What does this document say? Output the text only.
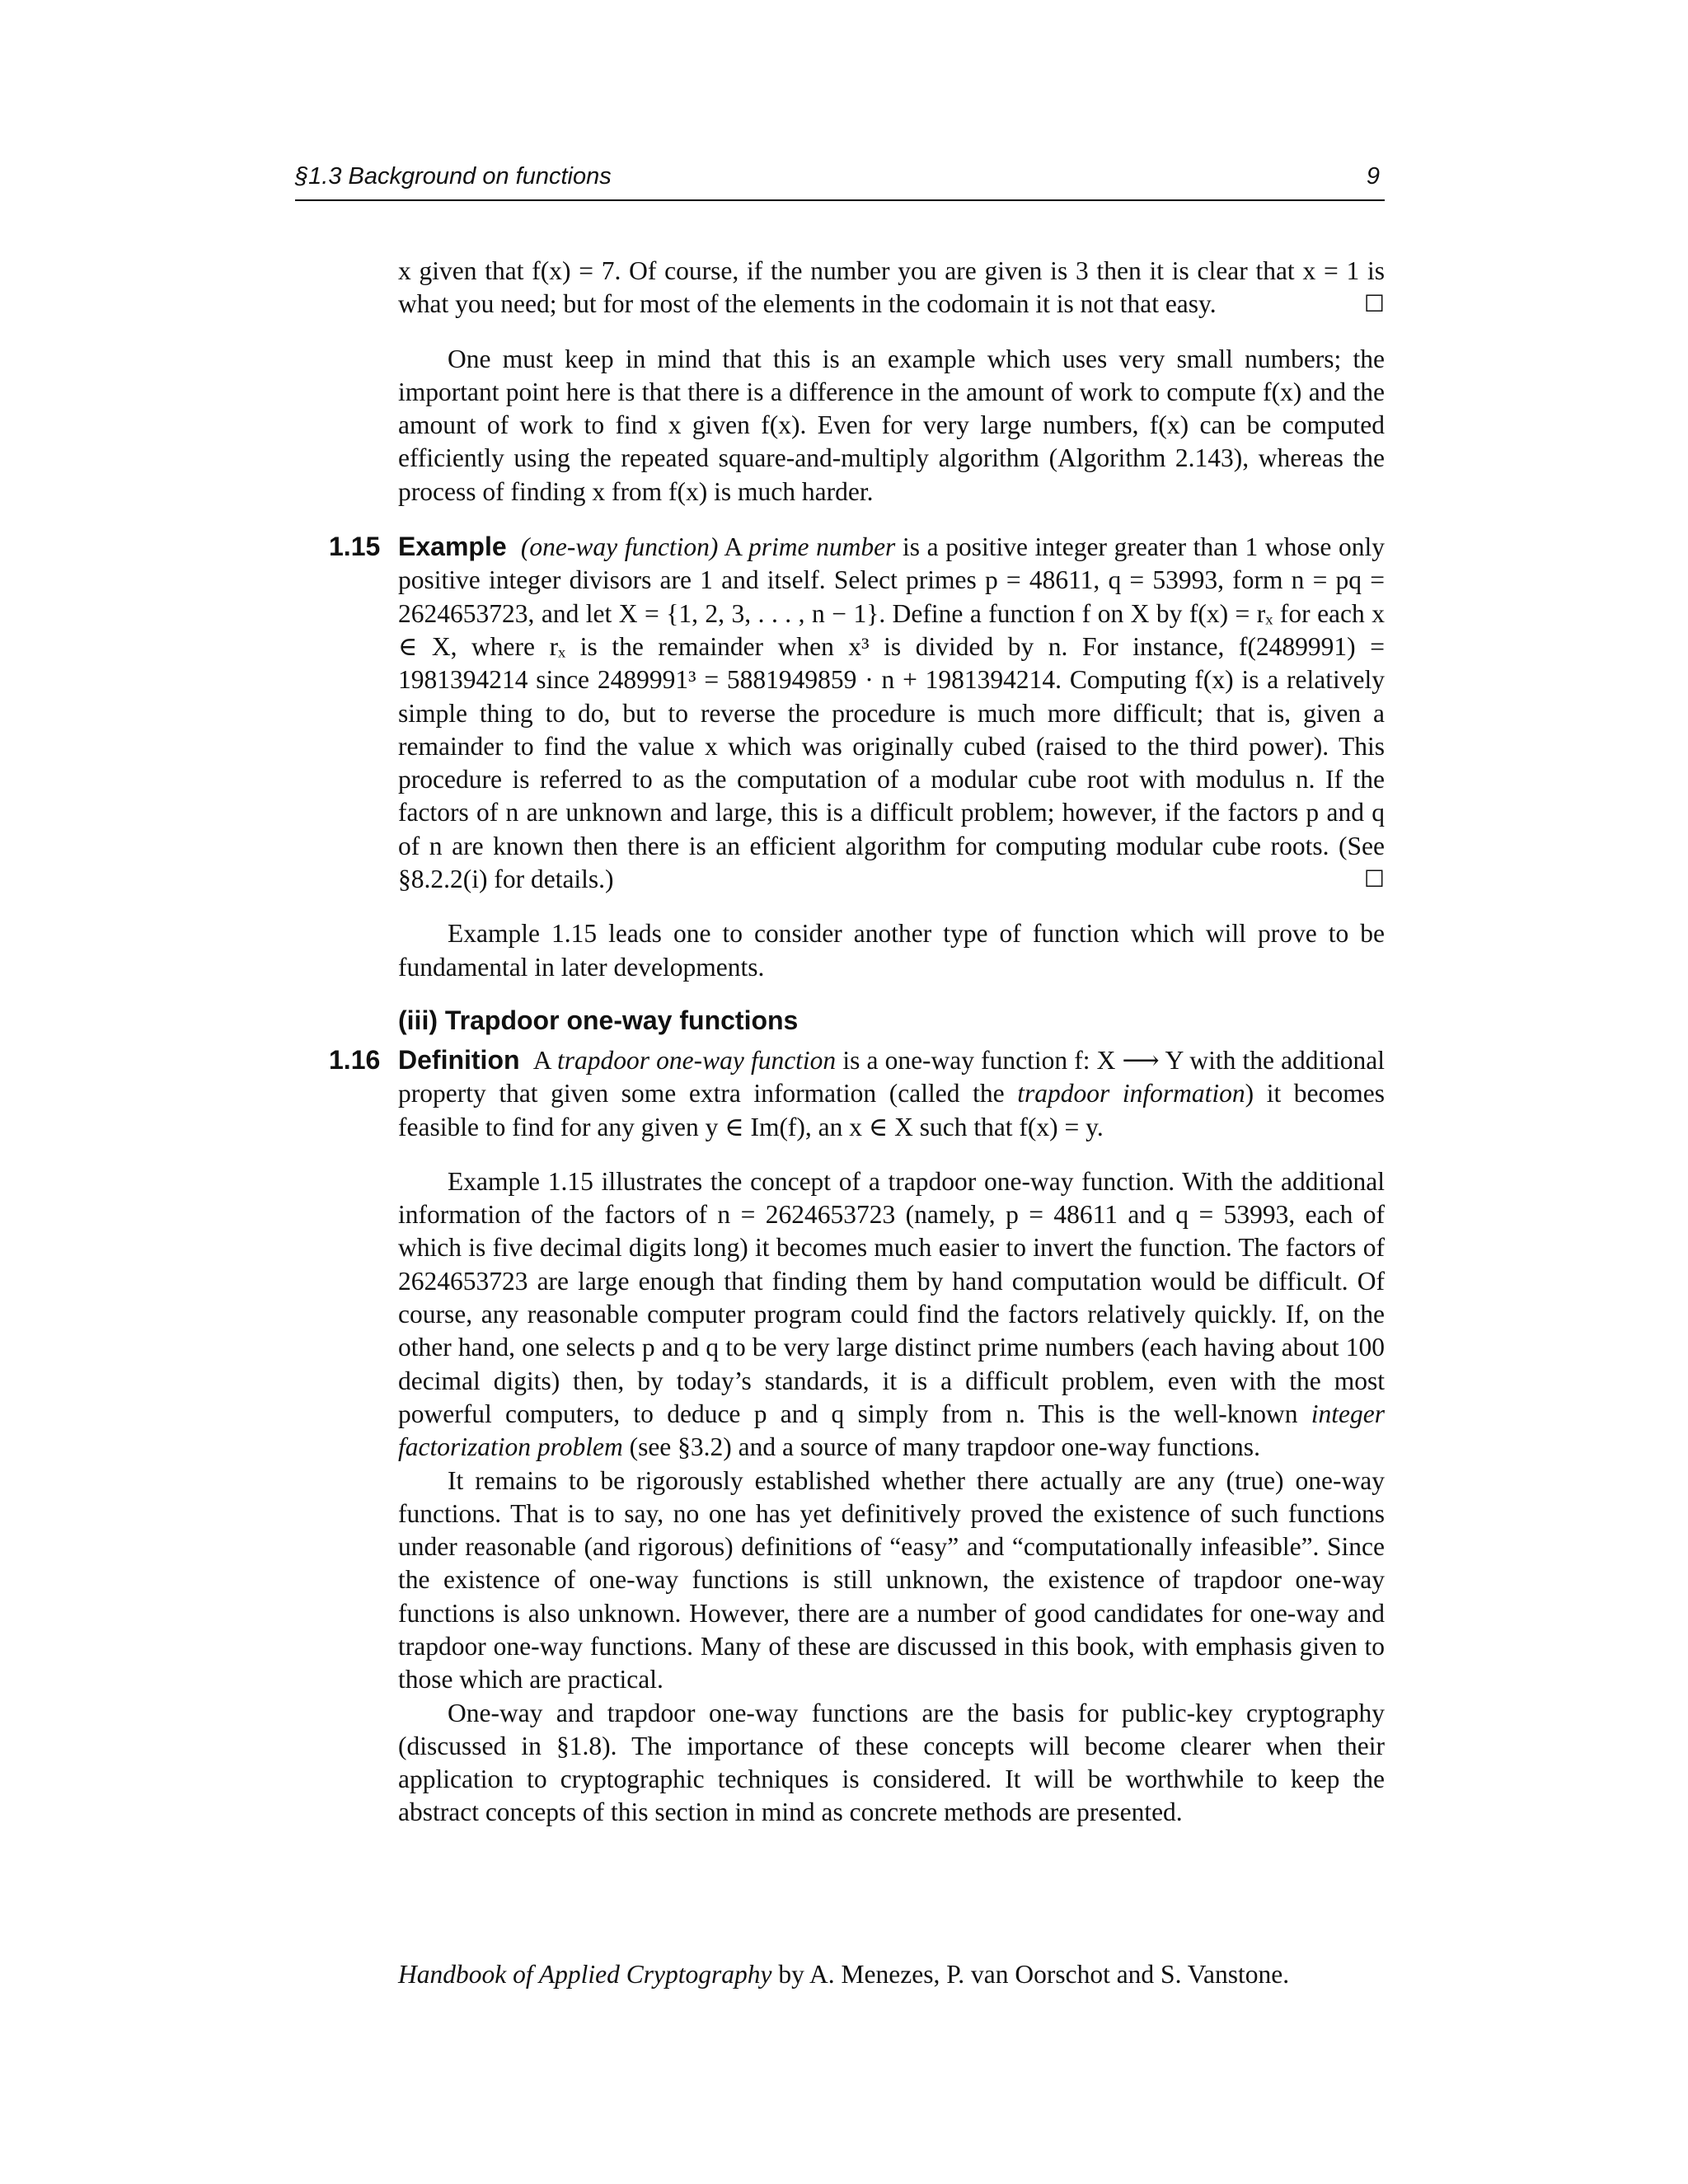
§1.3 Background on functions	9

x given that f(x) = 7. Of course, if the number you are given is 3 then it is clear that x = 1 is what you need; but for most of the elements in the codomain it is not that easy.	☐

One must keep in mind that this is an example which uses very small numbers; the important point here is that there is a difference in the amount of work to compute f(x) and the amount of work to find x given f(x). Even for very large numbers, f(x) can be computed efficiently using the repeated square-and-multiply algorithm (Algorithm 2.143), whereas the process of finding x from f(x) is much harder.

1.15 Example (one-way function) A prime number is a positive integer greater than 1 whose only positive integer divisors are 1 and itself. Select primes p = 48611, q = 53993, form n = pq = 2624653723, and let X = {1, 2, 3, . . . , n − 1}. Define a function f on X by f(x) = rₓ for each x ∈ X, where rₓ is the remainder when x³ is divided by n. For instance, f(2489991) = 1981394214 since 2489991³ = 5881949859 · n + 1981394214. Computing f(x) is a relatively simple thing to do, but to reverse the procedure is much more difficult; that is, given a remainder to find the value x which was originally cubed (raised to the third power). This procedure is referred to as the computation of a modular cube root with modulus n. If the factors of n are unknown and large, this is a difficult problem; however, if the factors p and q of n are known then there is an efficient algorithm for computing modular cube roots. (See §8.2.2(i) for details.)	☐

Example 1.15 leads one to consider another type of function which will prove to be fundamental in later developments.

(iii) Trapdoor one-way functions
1.16 Definition A trapdoor one-way function is a one-way function f: X ⟶ Y with the additional property that given some extra information (called the trapdoor information) it becomes feasible to find for any given y ∈ Im(f), an x ∈ X such that f(x) = y.

Example 1.15 illustrates the concept of a trapdoor one-way function. With the additional information of the factors of n = 2624653723 (namely, p = 48611 and q = 53993, each of which is five decimal digits long) it becomes much easier to invert the function. The factors of 2624653723 are large enough that finding them by hand computation would be difficult. Of course, any reasonable computer program could find the factors relatively quickly. If, on the other hand, one selects p and q to be very large distinct prime numbers (each having about 100 decimal digits) then, by today’s standards, it is a difficult problem, even with the most powerful computers, to deduce p and q simply from n. This is the well-known integer factorization problem (see §3.2) and a source of many trapdoor one-way functions.

It remains to be rigorously established whether there actually are any (true) one-way functions. That is to say, no one has yet definitively proved the existence of such functions under reasonable (and rigorous) definitions of “easy” and “computationally infeasible”. Since the existence of one-way functions is still unknown, the existence of trapdoor one-way functions is also unknown. However, there are a number of good candidates for one-way and trapdoor one-way functions. Many of these are discussed in this book, with emphasis given to those which are practical.

One-way and trapdoor one-way functions are the basis for public-key cryptography (discussed in §1.8). The importance of these concepts will become clearer when their application to cryptographic techniques is considered. It will be worthwhile to keep the abstract concepts of this section in mind as concrete methods are presented.

Handbook of Applied Cryptography by A. Menezes, P. van Oorschot and S. Vanstone.
